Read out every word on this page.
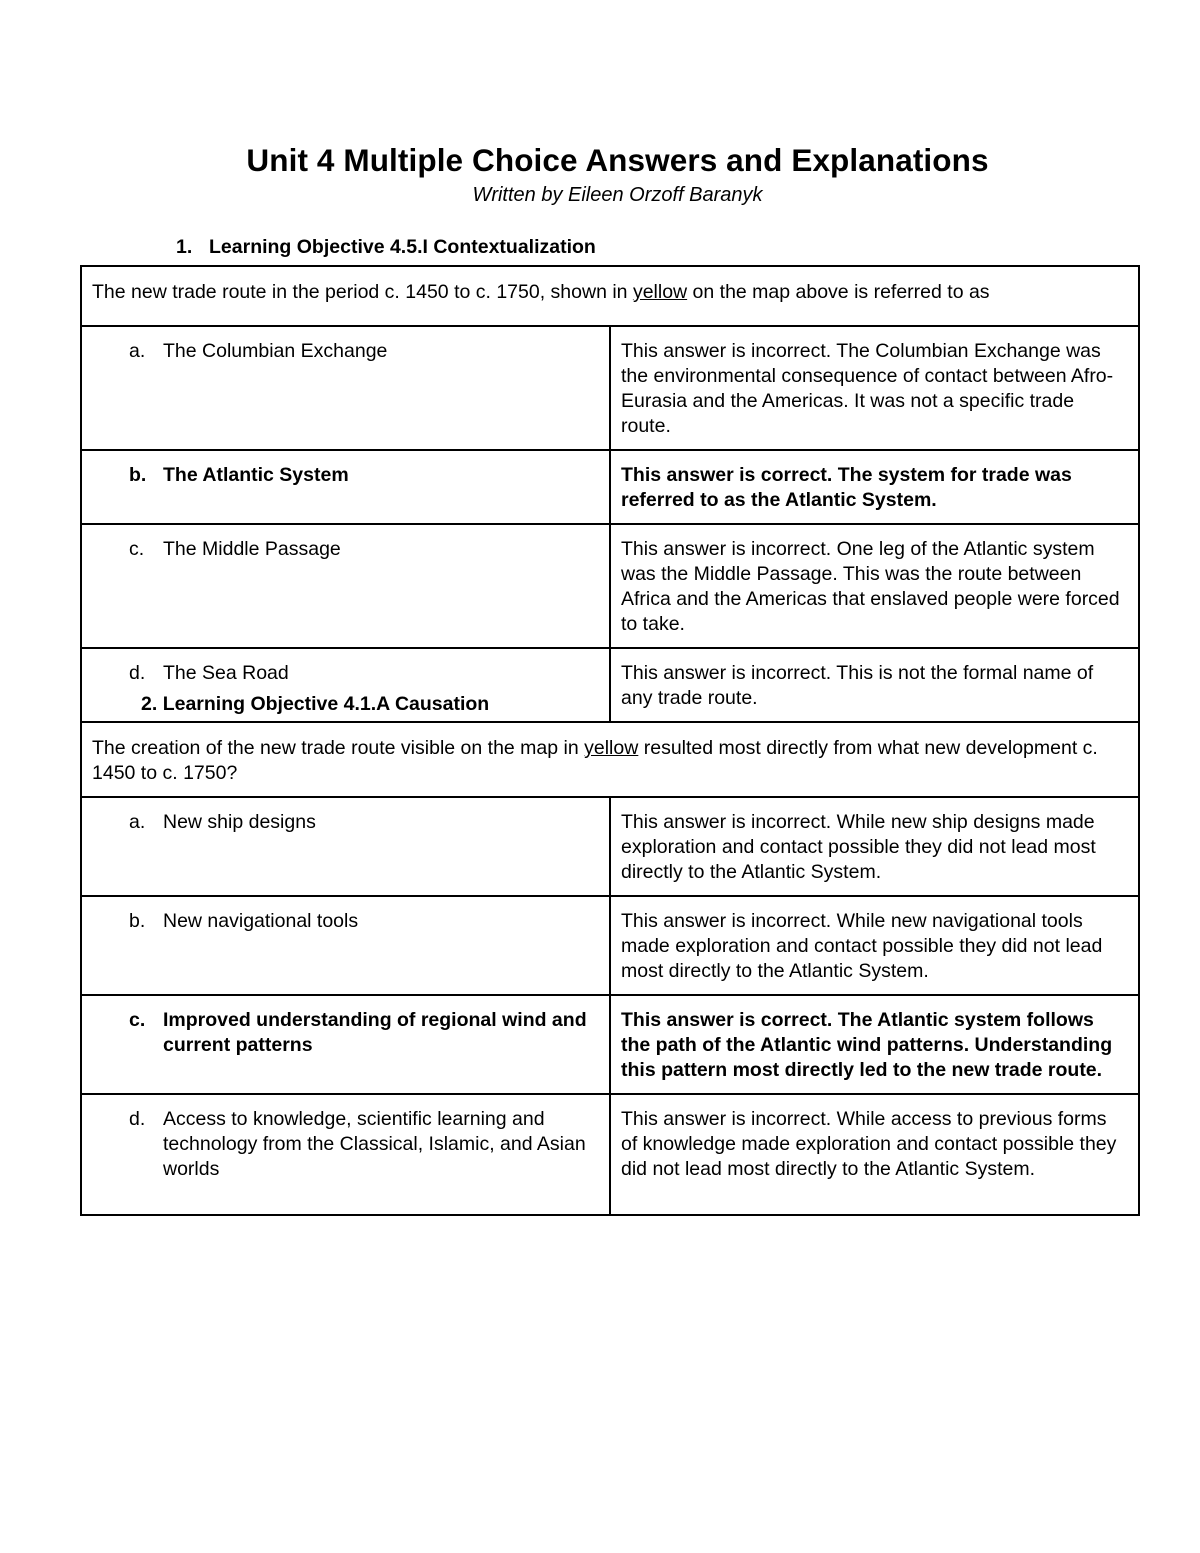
Unit 4 Multiple Choice Answers and Explanations
Written by Eileen Orzoff Baranyk
1. Learning Objective 4.5.I Contextualization
The new trade route in the period c. 1450 to c. 1750, shown in yellow on the map above is referred to as	

a. The Columbian Exchange	This answer is incorrect. The Columbian Exchange was the environmental consequence of contact between Afro-Eurasia and the Americas. It was not a specific trade route.

b. The Atlantic System	This answer is correct. The system for trade was referred to as the Atlantic System.

c. The Middle Passage	This answer is incorrect. One leg of the Atlantic system was the Middle Passage. This was the route between Africa and the Americas that enslaved people were forced to take.

d. The Sea Road	This answer is incorrect. This is not the formal name of any trade route.
2. Learning Objective 4.1.A Causation
The creation of the new trade route visible on the map in yellow resulted most directly from what new development c. 1450 to c. 1750?	

a. New ship designs	This answer is incorrect. While new ship designs made exploration and contact possible they did not lead most directly to the Atlantic System.

b. New navigational tools	This answer is incorrect. While new navigational tools made exploration and contact possible they did not lead most directly to the Atlantic System.

c. Improved understanding of regional wind and current patterns	This answer is correct. The Atlantic system follows the path of the Atlantic wind patterns. Understanding this pattern most directly led to the new trade route.

d. Access to knowledge, scientific learning and technology from the Classical, Islamic, and Asian worlds	This answer is incorrect. While access to previous forms of knowledge made exploration and contact possible they did not lead most directly to the Atlantic System.
